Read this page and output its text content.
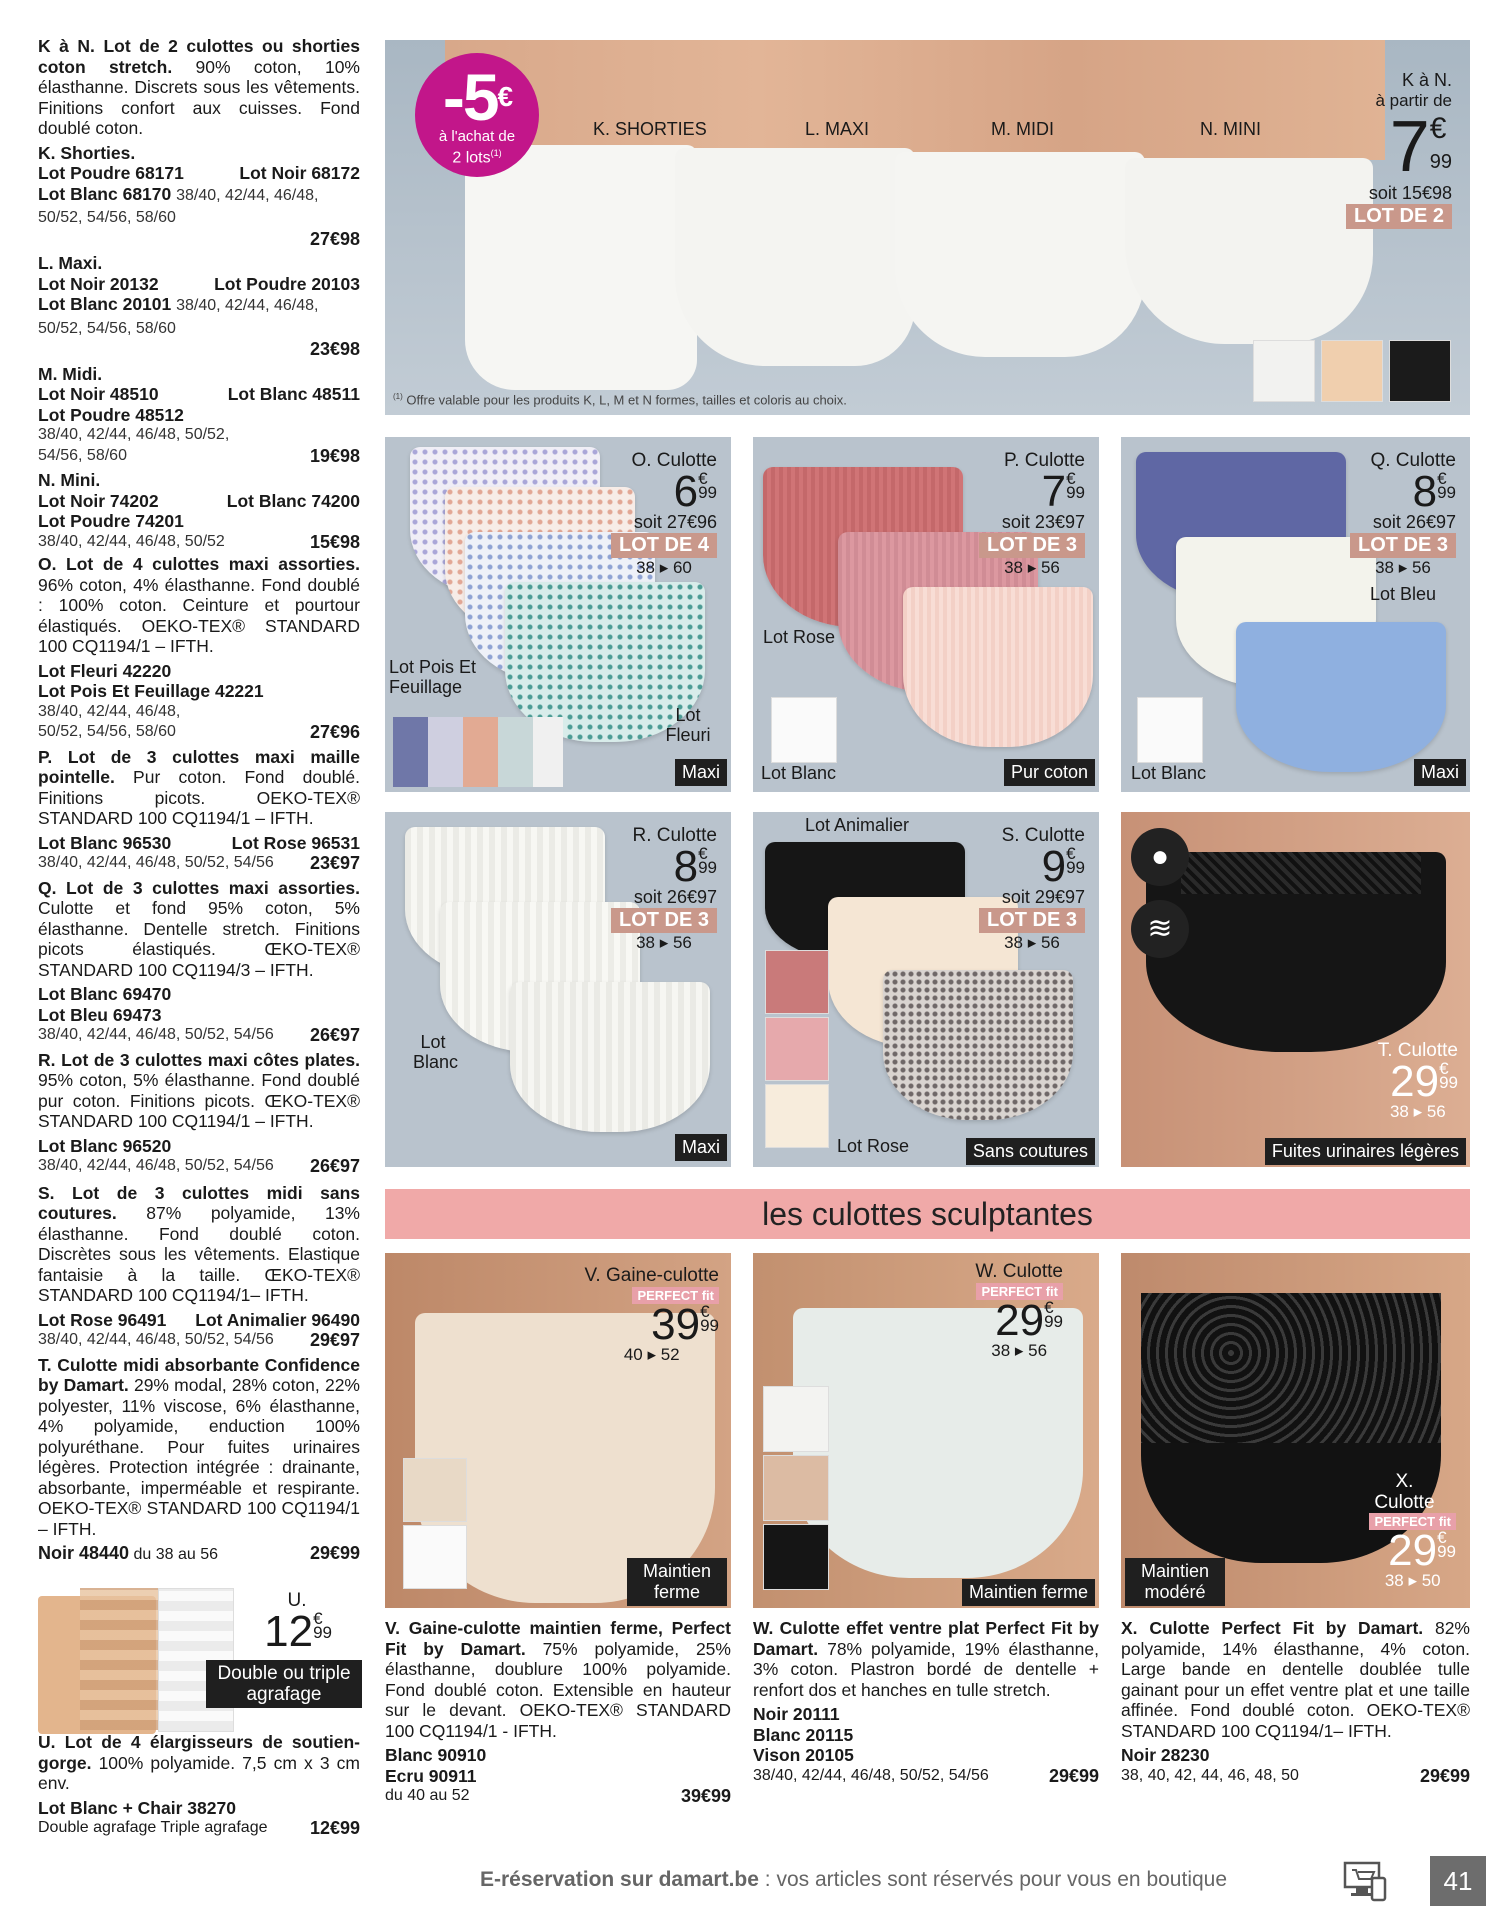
K à N. Lot de 2 culottes ou shorties coton stretch. 90% coton, 10% élasthanne. Discrets sous les vêtements. Finitions confort aux cuisses. Fond doublé coton.

K. Shorties.
Lot Poudre 68171	Lot Noir 68172
Lot Blanc 68170 38/40, 42/44, 46/48, 50/52, 54/56, 58/60
27€98
L. Maxi.
Lot Noir 20132	Lot Poudre 20103
Lot Blanc 20101 38/40, 42/44, 46/48, 50/52, 54/56, 58/60
23€98
M. Midi.
Lot Noir 48510	Lot Blanc 48511
Lot Poudre 48512
38/40, 42/44, 46/48, 50/52, 54/56, 58/60	19€98
N. Mini.
Lot Noir 74202	Lot Blanc 74200
Lot Poudre 74201
38/40, 42/44, 46/48, 50/52	15€98

O. Lot de 4 culottes maxi assorties. 96% coton, 4% élasthanne. Fond doublé : 100% coton. Ceinture et pourtour élastiqués. OEKO-TEX® STANDARD 100 CQ1194/1 – IFTH.

Lot Fleuri 42220
Lot Pois Et Feuillage 42221
38/40, 42/44, 46/48, 50/52, 54/56, 58/60	27€96

P. Lot de 3 culottes maxi maille pointelle. Pur coton. Fond doublé. Finitions picots. OEKO-TEX® STANDARD 100 CQ1194/1 – IFTH.

Lot Blanc 96530	Lot Rose 96531
38/40, 42/44, 46/48, 50/52, 54/56 23€97

Q. Lot de 3 culottes maxi assorties. Culotte et fond 95% coton, 5% élasthanne. Dentelle stretch. Finitions picots élastiqués. ŒKO-TEX® STANDARD 100 CQ1194/3 – IFTH.

Lot Blanc 69470
Lot Bleu 69473
38/40, 42/44, 46/48, 50/52, 54/56 26€97

R. Lot de 3 culottes maxi côtes plates. 95% coton, 5% élasthanne. Fond doublé pur coton. Finitions picots. ŒKO-TEX® STANDARD 100 CQ1194/1 – IFTH.

Lot Blanc 96520
38/40, 42/44, 46/48, 50/52, 54/56 26€97

S. Lot de 3 culottes midi sans coutures. 87% polyamide, 13% élasthanne. Fond doublé coton. Discrètes sous les vêtements. Elastique fantaisie à la taille. ŒKO-TEX® STANDARD 100 CQ1194/1– IFTH.

Lot Rose 96491 Lot Animalier 96490
38/40, 42/44, 46/48, 50/52, 54/56 29€97

T. Culotte midi absorbante Confidence by Damart. 29% modal, 28% coton, 22% polyester, 11% viscose, 6% élasthanne, 4% polyamide, enduction 100% polyuréthane. Pour fuites urinaires légères. Protection intégrée : drainante, absorbante, imperméable et respirante. OEKO-TEX® STANDARD 100 CQ1194/1 – IFTH.

Noir 48440 du 38 au 56	29€99
U.
12€
99
Double ou triple agrafage

U. Lot de 4 élargisseurs de soutien-gorge. 100% polyamide. 7,5 cm x 3 cm env.

Lot Blanc + Chair 38270
Double agrafage Triple agrafage 12€99
-5€
à l'achat de
2 lots$^{(1)}$
K. SHORTIES	L. MAXI	M. MIDI	N. MINI
K à N.
à partir de
7€
99
soit 15€98
LOT DE 2
$^{(1)}$ Offre valable pour les produits K, L, M et N formes, tailles et coloris au choix.
O. Culotte
6€
99
soit 27€96
LOT DE 4
38 ▸ 60
Lot Pois Et Feuillage
Lot Fleuri
Maxi
P. Culotte
7€
99
soit 23€97
LOT DE 3
38 ▸ 56
Lot Rose
Lot Blanc	Pur coton
Q. Culotte
8€
99
soit 26€97
LOT DE 3
38 ▸ 56
Lot Bleu
Lot Blanc	Maxi
R. Culotte
8€
99
soit 26€97
LOT DE 3
38 ▸ 56
Lot Blanc
Maxi
Lot Animalier	S. Culotte
9€
99
soit 29€97
LOT DE 3
38 ▸ 56
Lot Rose	Sans coutures
●
≋
T. Culotte
29€
99
38 ▸ 56
Fuites urinaires légères
les culottes sculptantes
V. Gaine-culotte
PERFECT fit
39€
99
40 ▸ 52
Maintien ferme
W. Culotte
PERFECT fit
29€
99
38 ▸ 56
Maintien ferme
X. Culotte
PERFECT fit
29€
99
38 ▸ 50
Maintien modéré

V. Gaine-culotte maintien ferme, Perfect Fit by Damart. 75% polyamide, 25% élasthanne, doublure 100% polyamide. Fond doublé coton. Extensible en hauteur sur le devant. OEKO-TEX® STANDARD 100 CQ1194/1 - IFTH.

Blanc 90910
Ecru 90911
du 40 au 52	39€99

W. Culotte effet ventre plat Perfect Fit by Damart. 78% polyamide, 19% élasthanne, 3% coton. Plastron bordé de dentelle + renfort dos et hanches en tulle stretch.

Noir 20111
Blanc 20115
Vison 20105
38/40, 42/44, 46/48, 50/52, 54/56	29€99

X. Culotte Perfect Fit by Damart. 82% polyamide, 14% élasthanne, 4% coton. Large bande en dentelle doublée tulle gainant pour un effet ventre plat et une taille affinée. Fond doublé coton. OEKO-TEX® STANDARD 100 CQ1194/1– IFTH.

Noir 28230
38, 40, 42, 44, 46, 48, 50	29€99
E-réservation sur damart.be : vos articles sont réservés pour vous en boutique	41
